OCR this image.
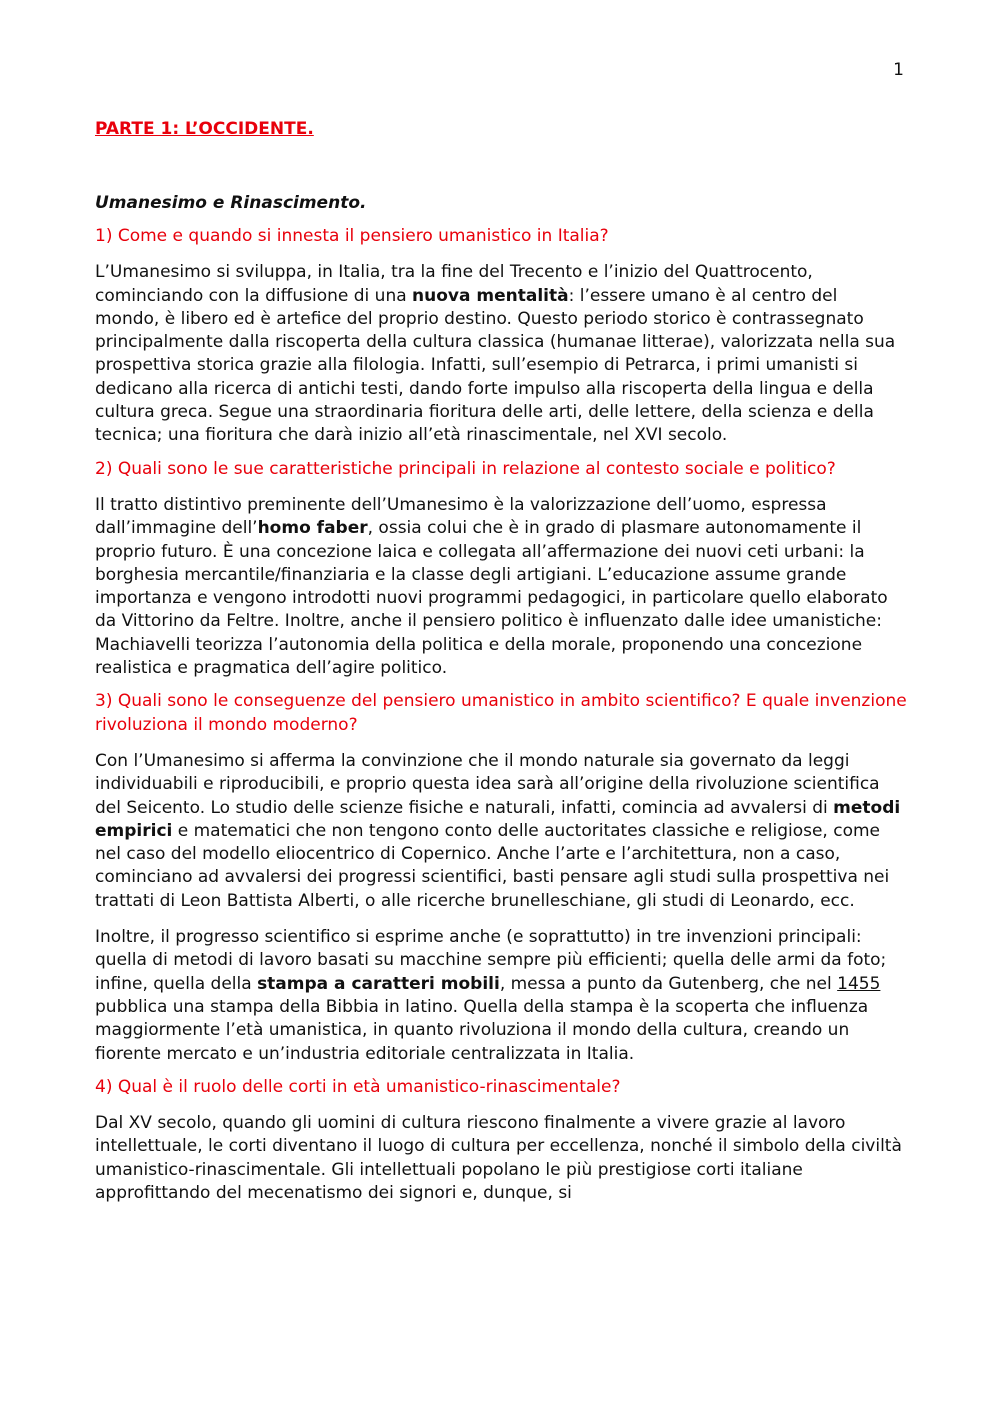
1

PARTE 1: L’OCCIDENTE.

Umanesimo e Rinascimento.

1) Come e quando si innesta il pensiero umanistico in Italia?

L’Umanesimo si sviluppa, in Italia, tra la fine del Trecento e l’inizio del Quattrocento, cominciando con la diffusione di una nuova mentalità: l’essere umano è al centro del mondo, è libero ed è artefice del proprio destino. Questo periodo storico è contrassegnato principalmente dalla riscoperta della cultura classica (humanae litterae), valorizzata nella sua prospettiva storica grazie alla filologia. Infatti, sull’esempio di Petrarca, i primi umanisti si dedicano alla ricerca di antichi testi, dando forte impulso alla riscoperta della lingua e della cultura greca. Segue una straordinaria fioritura delle arti, delle lettere, della scienza e della tecnica; una fioritura che darà inizio all’età rinascimentale, nel XVI secolo.

2) Quali sono le sue caratteristiche principali in relazione al contesto sociale e politico?

Il tratto distintivo preminente dell’Umanesimo è la valorizzazione dell’uomo, espressa dall’immagine dell’homo faber, ossia colui che è in grado di plasmare autonomamente il proprio futuro. È una concezione laica e collegata all’affermazione dei nuovi ceti urbani: la borghesia mercantile/finanziaria e la classe degli artigiani. L’educazione assume grande importanza e vengono introdotti nuovi programmi pedagogici, in particolare quello elaborato da Vittorino da Feltre. Inoltre, anche il pensiero politico è influenzato dalle idee umanistiche: Machiavelli teorizza l’autonomia della politica e della morale, proponendo una concezione realistica e pragmatica dell’agire politico.

3) Quali sono le conseguenze del pensiero umanistico in ambito scientifico? E quale invenzione rivoluziona il mondo moderno?

Con l’Umanesimo si afferma la convinzione che il mondo naturale sia governato da leggi individuabili e riproducibili, e proprio questa idea sarà all’origine della rivoluzione scientifica del Seicento. Lo studio delle scienze fisiche e naturali, infatti, comincia ad avvalersi di metodi empirici e matematici che non tengono conto delle auctoritates classiche e religiose, come nel caso del modello eliocentrico di Copernico. Anche l’arte e l’architettura, non a caso, cominciano ad avvalersi dei progressi scientifici, basti pensare agli studi sulla prospettiva nei trattati di Leon Battista Alberti, o alle ricerche brunelleschiane, gli studi di Leonardo, ecc.

Inoltre, il progresso scientifico si esprime anche (e soprattutto) in tre invenzioni principali: quella di metodi di lavoro basati su macchine sempre più efficienti; quella delle armi da foto; infine, quella della stampa a caratteri mobili, messa a punto da Gutenberg, che nel 1455 pubblica una stampa della Bibbia in latino. Quella della stampa è la scoperta che influenza maggiormente l’età umanistica, in quanto rivoluziona il mondo della cultura, creando un fiorente mercato e un’industria editoriale centralizzata in Italia.

4) Qual è il ruolo delle corti in età umanistico-rinascimentale?

Dal XV secolo, quando gli uomini di cultura riescono finalmente a vivere grazie al lavoro intellettuale, le corti diventano il luogo di cultura per eccellenza, nonché il simbolo della civiltà umanistico-rinascimentale. Gli intellettuali popolano le più prestigiose corti italiane approfittando del mecenatismo dei signori e, dunque, si
